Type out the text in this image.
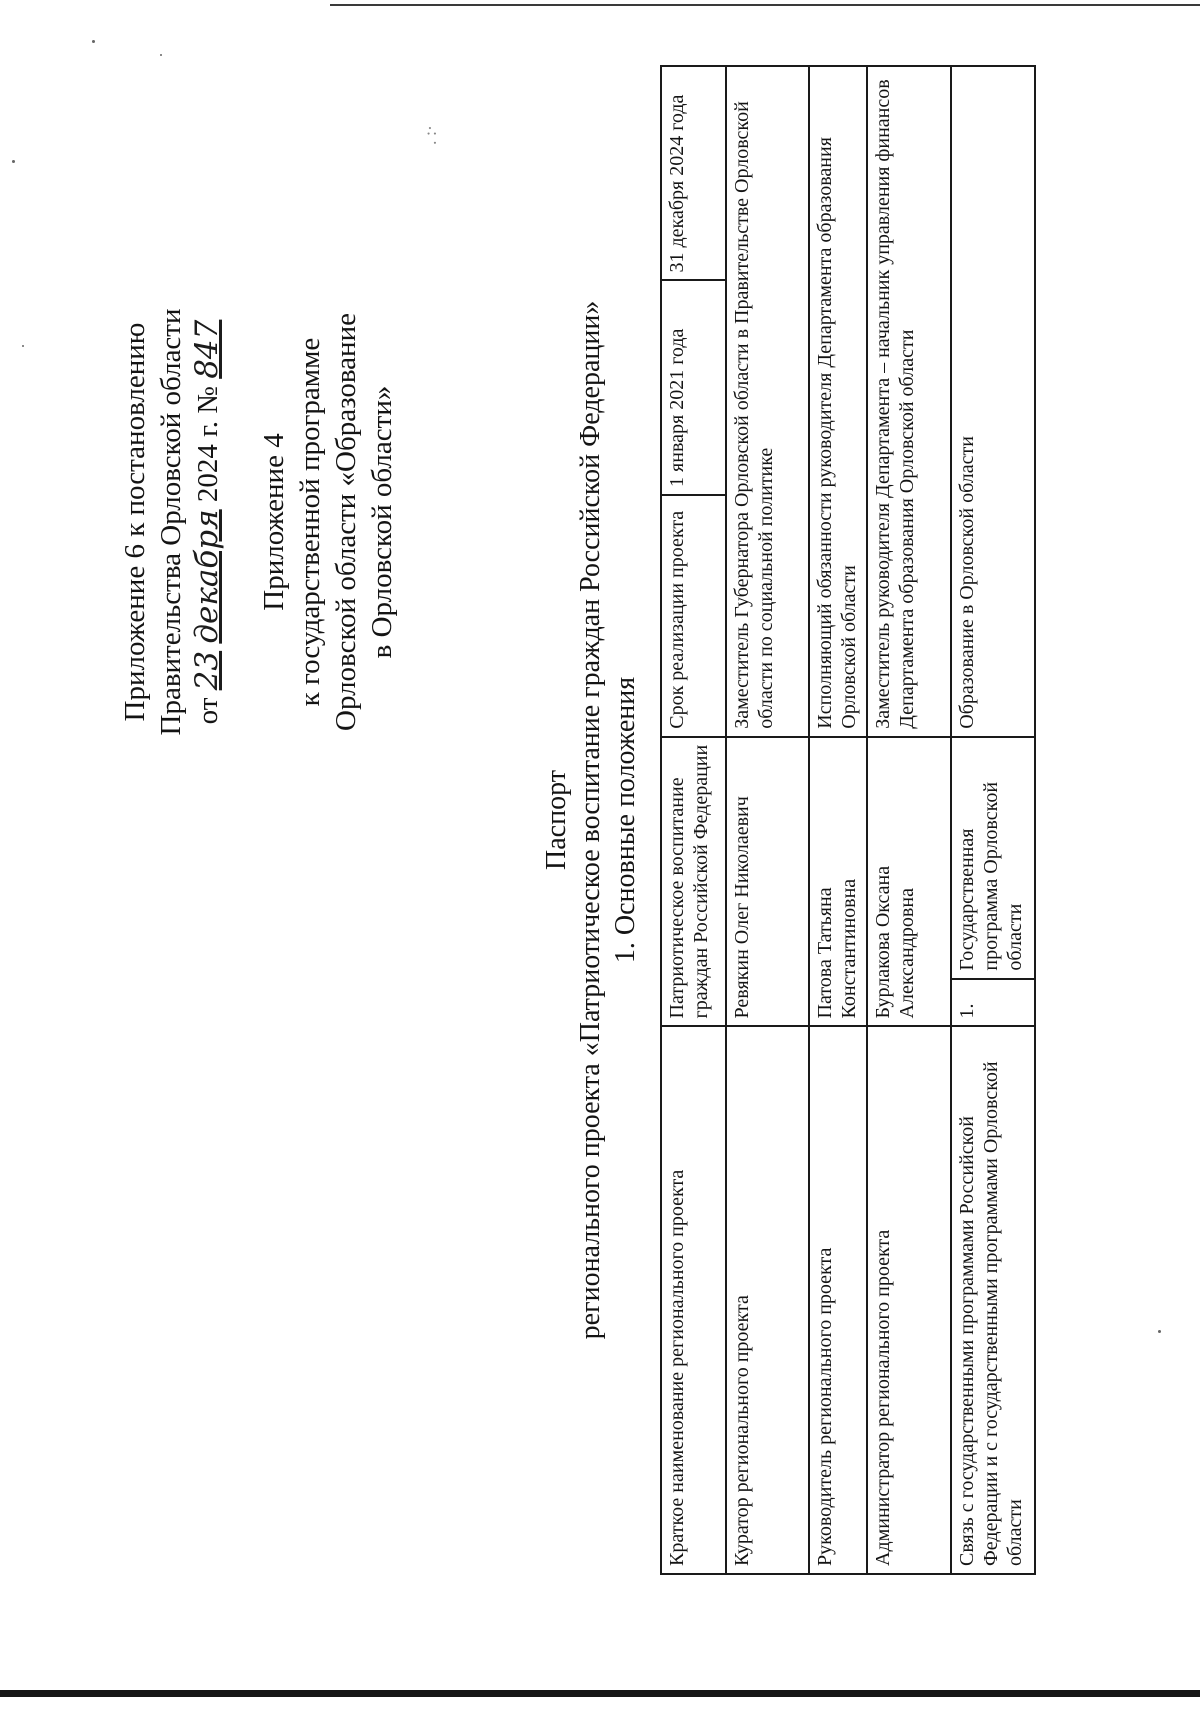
Приложение 6 к постановлению Правительства Орловской области от 23 декабря 2024 г. № 847
Приложение 4 к государственной программе Орловской области «Образование в Орловской области»
. :·
Паспорт регионального проекта «Патриотическое воспитание граждан Российской Федерации» 1. Основные положения
Краткое наименование регионального проекта	Патриотическое воспитание граждан Российской Федерации		Срок реализации проекта	1 января 2021 года	31 декабря 2024 года
Куратор регионального проекта	Ревякин Олег Николаевич		Заместитель Губернатора Орловской области в Правительстве Орловской области по социальной политике		
Руководитель регионального проекта	Патова Татьяна Константиновна		Исполняющий обязанности руководителя Департамента образования Орловской области		
Администратор регионального проекта	Бурлакова Оксана Александровна		Заместитель руководителя Департамента – начальник управления финансов Департамента образования Орловской области		
Связь с государственными программами Российской Федерации и с государственными программами Орловской области	1.	Государственная программа Орловской области	Образование в Орловской области		
